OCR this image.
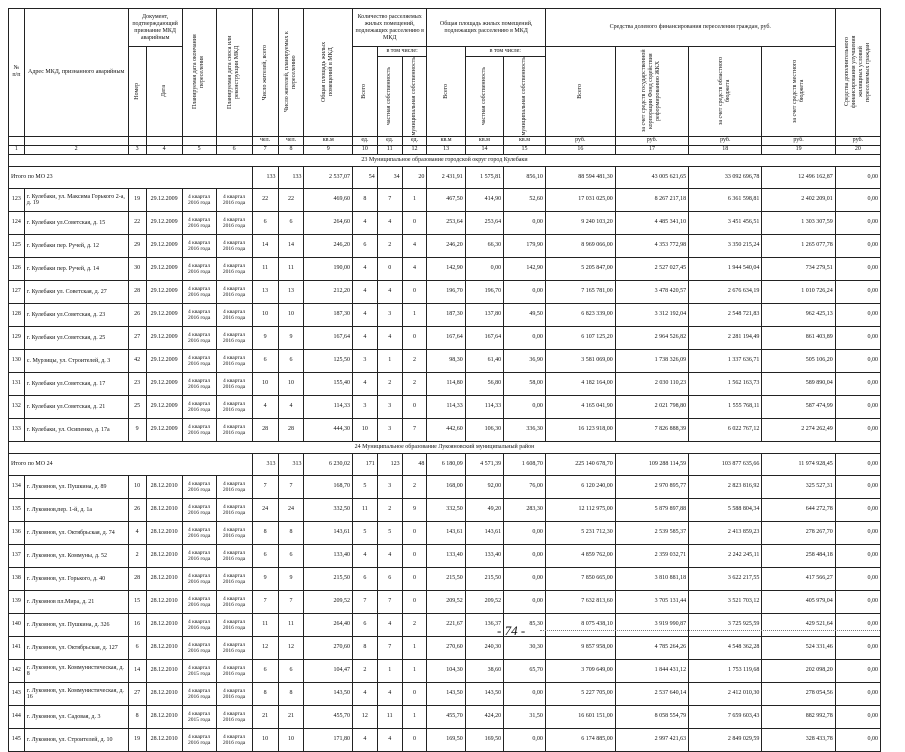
№ п/п	Адрес МКД, признанного аварийным	Документ, подтверждающий признание МКД аварийным		Планируемая дата окончания переселения	Планируемая дата сноса или реконструкции МКД	Число жителей, всего	Число жителей, планируемых к переселению	Общая площадь жилых помещений в МКД	Количество расселяемых жилых помещений, подлежащих расселению в МКД			Общая площадь жилых помещений, подлежащих расселению в МКД			Средства долевого финансирования переселения граждан, руб.				Средства дополнительного финансирования улучшения жилищных условий переселяемых граждан

		Номер	Дата						Всего	в том числе:		Всего	в том числе:		Всего	за счет средств государственной корпорации Фонд содействия реформированию ЖКХ	за счет средств областного бюджета	за счет средств местного бюджета	

										частная собственность	муниципальная собственность		частная собственность	муниципальная собственность					

						чел.	чел.	кв.м	ед.	ед.	ед.	кв.м	кв.м	кв.м	руб.	руб.	руб.	руб.	руб.
1	2	3	4	5	6	7	8	9	10	11	12	13	14	15	16	17	18	19	20
23 Муниципальное образование городской округ город Кулебаки																			
Итого по МО 23						133	133	2 537,07	54	34	20	2 431,91	1 575,81	856,10	88 594 481,30	43 005 621,65	33 092 696,78	12 496 162,87	0,00
123	г. Кулебаки, ул. Максима Горького 2-а, д. 19	19	29.12.2009	4 квартал 2016 года	4 квартал 2016 года	22	22	469,60	8	7	1	467,50	414,90	52,60	17 031 025,00	8 267 217,18	6 361 598,81	2 402 209,01	0,00
124	г. Кулебаки ул.Советская, д. 15	22	29.12.2009	4 квартал 2016 года	4 квартал 2016 года	6	6	264,60	4	4	0	253,64	253,64	0,00	9 240 103,20	4 485 341,10	3 451 456,51	1 303 307,59	0,00
125	г. Кулебаки пер. Ручей, д. 12	29	29.12.2009	4 квартал 2016 года	4 квартал 2016 года	14	14	246,20	6	2	4	246,20	66,30	179,90	8 969 066,00	4 353 772,98	3 350 215,24	1 265 077,78	0,00
126	г. Кулебаки пер. Ручей, д. 14	30	29.12.2009	4 квартал 2016 года	4 квартал 2016 года	11	11	190,00	4	0	4	142,90	0,00	142,90	5 205 847,00	2 527 027,45	1 944 540,04	734 279,51	0,00
127	г. Кулебаки ул. Советская, д. 27	28	29.12.2009	4 квартал 2016 года	4 квартал 2016 года	13	13	212,20	4	4	0	196,70	196,70	0,00	7 165 781,00	3 478 420,57	2 676 634,19	1 010 726,24	0,00
128	г. Кулебаки ул.Советская, д. 23	26	29.12.2009	4 квартал 2016 года	4 квартал 2016 года	10	10	187,30	4	3	1	187,30	137,80	49,50	6 823 339,00	3 312 192,04	2 548 721,83	962 425,13	0,00
129	г. Кулебаки ул.Советская, д. 25	27	29.12.2009	4 квартал 2016 года	4 квартал 2016 года	9	9	167,64	4	4	0	167,64	167,64	0,00	6 107 125,20	2 964 526,82	2 281 194,49	861 403,89	0,00
130	с. Мурзицы, ул. Строителей, д. 3	42	29.12.2009	4 квартал 2016 года	4 квартал 2016 года	6	6	125,50	3	1	2	98,30	61,40	36,90	3 581 069,00	1 738 326,09	1 337 636,71	505 106,20	0,00
131	г. Кулебаки ул.Советская, д. 17	23	29.12.2009	4 квартал 2016 года	4 квартал 2016 года	10	10	155,40	4	2	2	114,80	56,80	58,00	4 182 164,00	2 030 110,23	1 562 163,73	589 890,04	0,00
132	г. Кулебаки ул.Советская, д. 21	25	29.12.2009	4 квартал 2016 года	4 квартал 2016 года	4	4	114,33	3	3	0	114,33	114,33	0,00	4 165 041,90	2 021 798,80	1 555 768,11	587 474,99	0,00
133	г. Кулебаки, ул. Осипенко, д. 17а	9	29.12.2009	4 квартал 2016 года	4 квартал 2016 года	28	28	444,30	10	3	7	442,60	106,30	336,30	16 123 918,00	7 826 888,39	6 022 767,12	2 274 262,49	0,00
24 Муниципальное образование Лукояновский муниципальный район																			
Итого по МО 24						313	313	6 230,02	171	123	48	6 180,09	4 571,39	1 608,70	225 140 678,70	109 288 114,59	103 877 635,66	11 974 928,45	0,00
134	г. Лукоянов, ул. Пушкина, д. 89	10	28.12.2010	4 квартал 2016 года	4 квартал 2016 года	7	7	168,70	5	3	2	168,00	92,00	76,00	6 120 240,00	2 970 895,77	2 823 816,92	325 527,31	0,00
135	г. Лукоянов,пер. 1-й, д. 1а	26	28.12.2010	4 квартал 2016 года	4 квартал 2016 года	24	24	332,50	11	2	9	332,50	49,20	283,30	12 112 975,00	5 879 897,88	5 588 804,34	644 272,78	0,00
136	г. Лукоянов, ул. Октябрьская, д. 74	4	28.12.2010	4 квартал 2016 года	4 квартал 2016 года	8	8	143,61	5	5	0	143,61	143,61	0,00	5 231 712,30	2 539 585,37	2 413 859,23	278 267,70	0,00
137	г. Лукоянов, ул. Коммуны, д. 52	2	28.12.2010	4 квартал 2016 года	4 квартал 2016 года	6	6	133,40	4	4	0	133,40	133,40	0,00	4 859 762,00	2 359 032,71	2 242 245,11	258 484,18	0,00
138	г. Лукоянов, ул. Горького, д. 40	28	28.12.2010	4 квартал 2016 года	4 квартал 2016 года	9	9	215,50	6	6	0	215,50	215,50	0,00	7 850 665,00	3 810 881,18	3 622 217,55	417 566,27	0,00
139	г. Лукоянов пл.Мира, д. 21	15	28.12.2010	4 квартал 2016 года	4 квартал 2016 года	7	7	209,52	7	7	0	209,52	209,52	0,00	7 632 813,60	3 705 131,44	3 521 703,12	405 979,04	0,00
140	г. Лукоянов, ул. Пушкина, д. 326	16	28.12.2010	4 квартал 2016 года	4 квартал 2016 года	11	11	264,40	6	4	2	221,67	136,37	85,30	8 075 438,10	3 919 990,87	3 725 925,59	429 521,64	0,00
141	г. Лукоянов, ул. Октябрьская, д. 127	6	28.12.2010	4 квартал 2016 года	4 квартал 2016 года	12	12	270,60	8	7	1	270,60	240,30	30,30	9 857 958,00	4 785 264,26	4 548 362,28	524 331,46	0,00
142	г. Лукоянов, ул. Коммунистическая, д. 8	14	28.12.2010	4 квартал 2015 года	4 квартал 2016 года	6	6	104,47	2	1	1	104,30	38,60	65,70	3 709 649,00	1 844 431,12	1 753 119,68	202 098,20	0,00
143	г. Лукоянов, ул. Коммунистическая, д. 16	27	28.12.2010	4 квартал 2016 года	4 квартал 2016 года	8	8	143,50	4	4	0	143,50	143,50	0,00	5 227 705,00	2 537 640,14	2 412 010,30	278 054,56	0,00
144	г. Лукоянов, ул. Садовая, д. 3	8	28.12.2010	4 квартал 2015 года	4 квартал 2016 года	21	21	455,70	12	11	1	455,70	424,20	31,50	16 601 151,00	8 058 554,79	7 659 603,43	882 992,78	0,00
145	г. Лукоянов, ул. Строителей, д. 10	19	28.12.2010	4 квартал 2016 года	4 квартал 2016 года	10	10	171,80	4	4	0	169,50	169,50	0,00	6 174 885,00	2 997 421,63	2 849 029,59	328 433,78	0,00
- 74 -
